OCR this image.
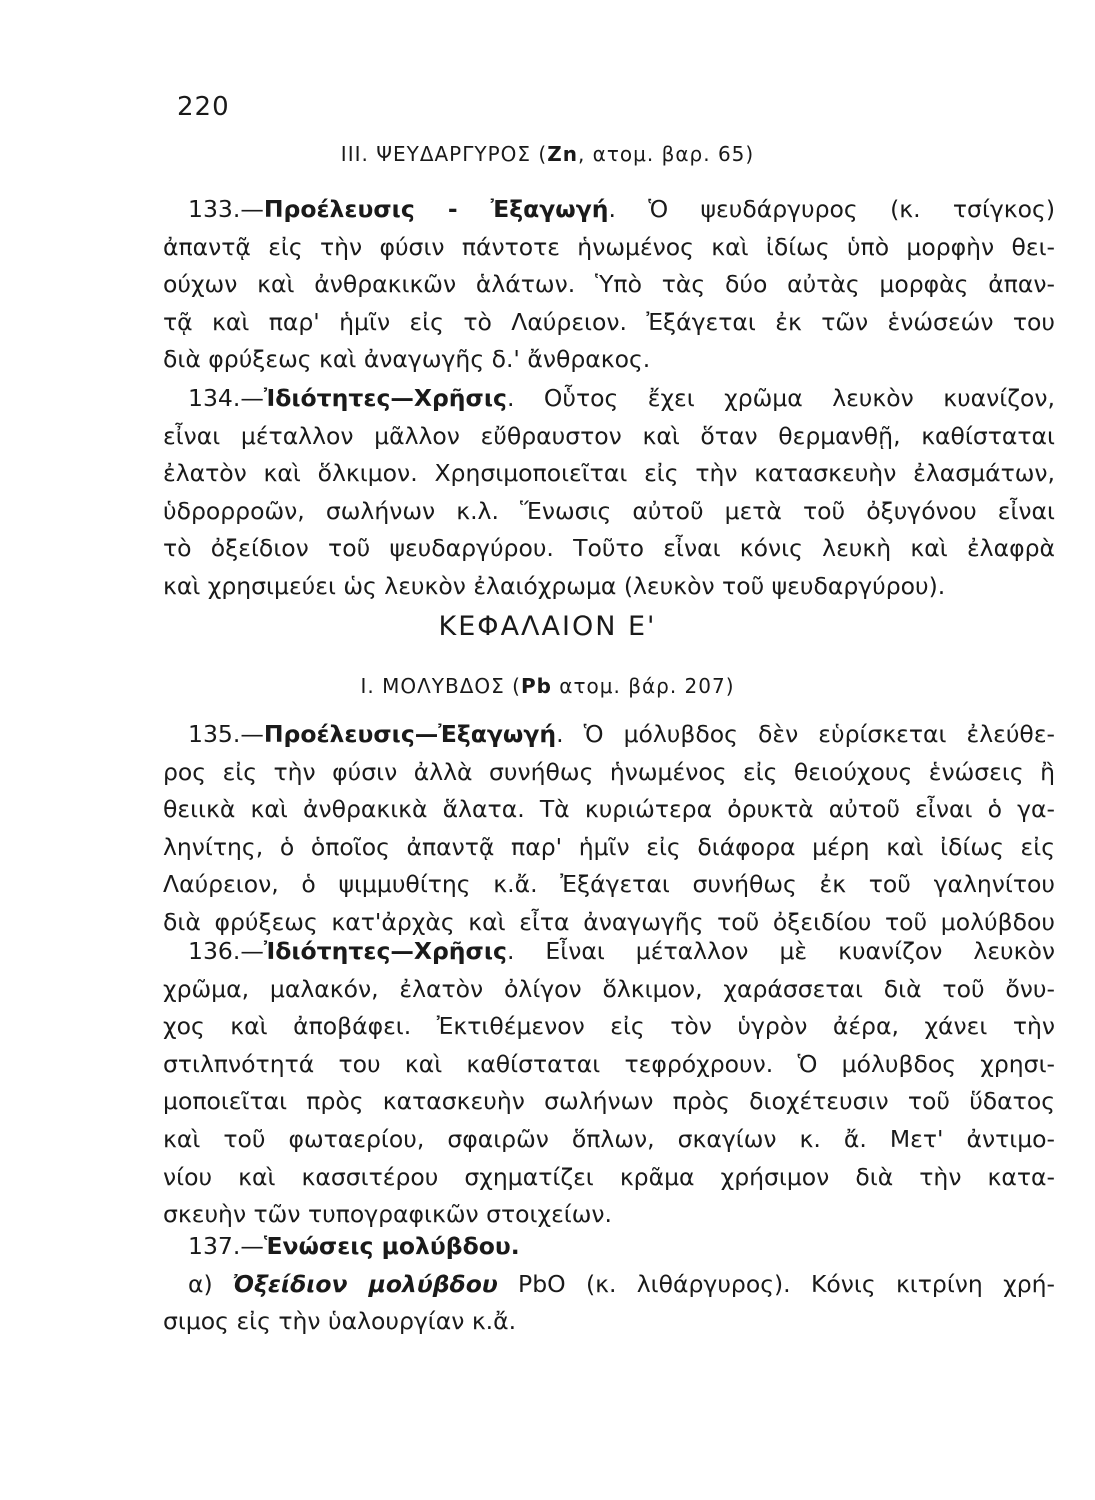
220
III. ΨΕΥΔΑΡΓΥΡΟΣ (Zn, ατομ. βαρ. 65)
133.—Προέλευσις - Ἐξαγωγή. Ὁ ψευδάργυρος (κ. τσίγκος)
ἀπαντᾷ εἰς τὴν φύσιν πάντοτε ἡνωμένος καὶ ἰδίως ὑπὸ μορφὴν θει-
ούχων καὶ ἀνθρακικῶν ἁλάτων. Ὑπὸ τὰς δύο αὐτὰς μορφὰς ἀπαν-
τᾷ καὶ παρ' ἡμῖν εἰς τὸ Λαύρειον. Ἐξάγεται ἐκ τῶν ἑνώσεών του
διὰ φρύξεως καὶ ἀναγωγῆς δ.' ἄνθρακος.
134.—Ἰδιότητες—Χρῆσις. Οὗτος ἔχει χρῶμα λευκὸν κυανίζον,
εἶναι μέταλλον μᾶλλον εὔθραυστον καὶ ὅταν θερμανθῇ, καθίσταται
ἐλατὸν καὶ ὅλκιμον. Χρησιμοποιεῖται εἰς τὴν κατασκευὴν ἐλασμάτων,
ὑδρορροῶν, σωλήνων κ.λ. Ἕνωσις αὐτοῦ μετὰ τοῦ ὀξυγόνου εἶναι
τὸ ὀξείδιον τοῦ ψευδαργύρου. Τοῦτο εἶναι κόνις λευκὴ καὶ ἐλαφρὰ
καὶ χρησιμεύει ὡς λευκὸν ἐλαιόχρωμα (λευκὸν τοῦ ψευδαργύρου).
ΚΕΦΑΛΑΙΟΝ Ε'
I. ΜΟΛΥΒΔΟΣ (Pb ατομ. βάρ. 207)
135.—Προέλευσις—Ἐξαγωγή. Ὁ μόλυβδος δὲν εὑρίσκεται ἐλεύθε-
ρος εἰς τὴν φύσιν ἀλλὰ συνήθως ἡνωμένος εἰς θειούχους ἑνώσεις ἢ
θειικὰ καὶ ἀνθρακικὰ ἅλατα. Τὰ κυριώτερα ὀρυκτὰ αὐτοῦ εἶναι ὁ γα-
ληνίτης, ὁ ὁποῖος ἀπαντᾷ παρ' ἡμῖν εἰς διάφορα μέρη καὶ ἰδίως εἰς
Λαύρειον, ὁ ψιμμυθίτης κ.ἄ. Ἐξάγεται συνήθως ἐκ τοῦ γαληνίτου
διὰ φρύξεως κατ'ἀρχὰς καὶ εἶτα ἀναγωγῆς τοῦ ὀξειδίου τοῦ μολύβδου
136.—Ἰδιότητες—Χρῆσις. Εἶναι μέταλλον μὲ κυανίζον λευκὸν
χρῶμα, μαλακόν, ἐλατὸν ὀλίγον ὅλκιμον, χαράσσεται διὰ τοῦ ὄνυ-
χος καὶ ἀποβάφει. Ἐκτιθέμενον εἰς τὸν ὑγρὸν ἀέρα, χάνει τὴν
στιλπνότητά του καὶ καθίσταται τεφρόχρουν. Ὁ μόλυβδος χρησι-
μοποιεῖται πρὸς κατασκευὴν σωλήνων πρὸς διοχέτευσιν τοῦ ὕδατος
καὶ τοῦ φωταερίου, σφαιρῶν ὅπλων, σκαγίων κ. ἄ. Μετ' ἀντιμο-
νίου καὶ κασσιτέρου σχηματίζει κρᾶμα χρήσιμον διὰ τὴν κατα-
σκευὴν τῶν τυπογραφικῶν στοιχείων.
137.—Ἑνώσεις μολύβδου.
α) Ὀξείδιον μολύβδου PbO (κ. λιθάργυρος). Κόνις κιτρίνη χρή-
σιμος εἰς τὴν ὑαλουργίαν κ.ἄ.
